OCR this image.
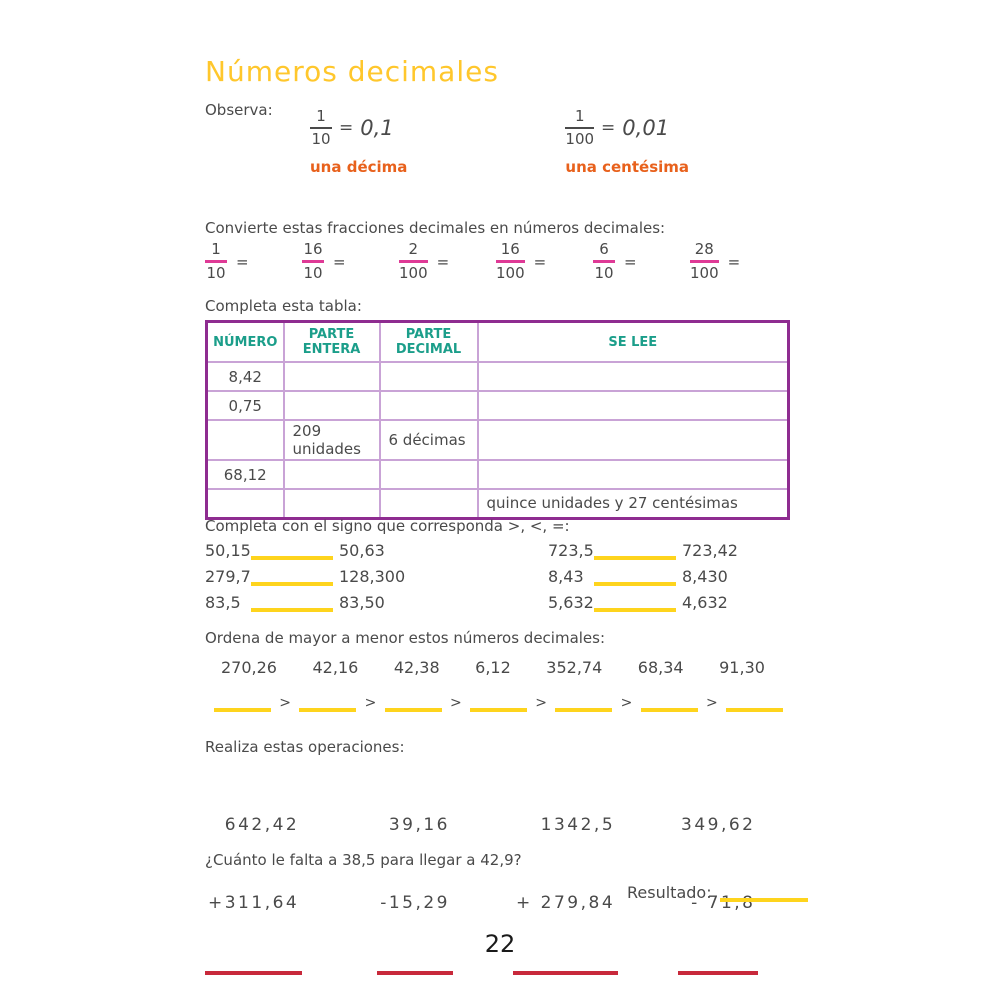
Números decimales
Observa: $\frac{1}{10} = 0,1$
una décima
$\frac{1}{100} = 0,01$
una centésima
Convierte estas fracciones decimales en números decimales:
$\frac{1}{10}$ =	$\frac{16}{10}$ =	$\frac{2}{100}$ =	$\frac{16}{100}$ =	$\frac{6}{10}$ =	$\frac{28}{100}$ =
Completa esta tabla:
NÚMERO	PARTE ENTERA	PARTE DECIMAL	SE LEE
8,42			
0,75			
	209 unidades	6 décimas	
68,12			
			quince unidades y 27 centésimas
Completa con el signo que corresponda >, <, =:
50,15	50,63	723,5	723,42
279,7	128,300	8,43	8,430
83,5	83,50	5,632	4,632
Ordena de mayor a menor estos números decimales:
270,26 42,16 42,38 6,12 352,74 68,34 91,30
>	>	>	>	>	>
Realiza estas operaciones:

642,42

+311,64

39,16

-15,29

1342,5

+ 279,84

349,62

- 71,8

¿Cuánto le falta a 38,5 para llegar a 42,9?
Resultado:
22
